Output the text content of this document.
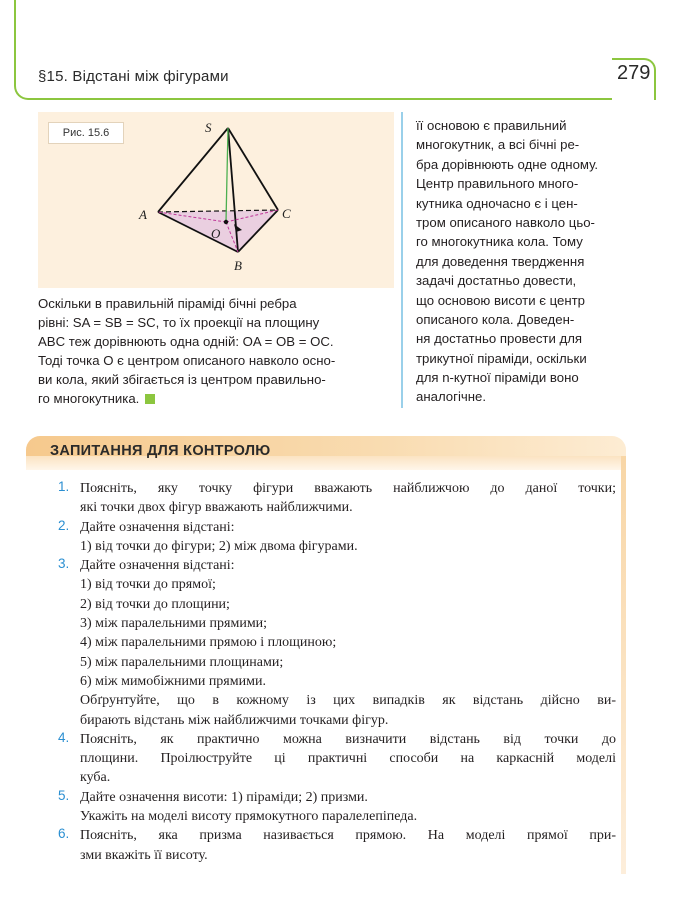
§15. Відстані між фігурами	279
S
A	C
B
O
Рис. 15.6
Оскільки в правильній піраміді бічні ребра
рівні: SA = SB = SC, то їх проекції на площину
ABC теж дорівнюють одна одній: OA = OB = OC.
Тоді точка O є центром описаного навколо осно-
ви кола, який збігається із центром правильно-
го многокутника.
її основою є правильний
многокутник, а всі бічні ре-
бра дорівнюють одне одному.
Центр правильного много-
кутника одночасно є і цен-
тром описаного навколо цьо-
го многокутника кола. Тому
для доведення твердження
задачі достатньо довести,
що основою висоти є центр
описаного кола. Доведен-
ня достатньо провести для
трикутної піраміди, оскільки
для n-кутної піраміди воно
аналогічне.
ЗАПИТАННЯ ДЛЯ КОНТРОЛЮ
1. Поясніть, яку точку фігури вважають найближчою до даної точки;
які точки двох фігур вважають найближчими.
2. Дайте означення відстані:
1) від точки до фігури; 2) між двома фігурами.
3. Дайте означення відстані:
1) від точки до прямої;
2) від точки до площини;
3) між паралельними прямими;
4) між паралельними прямою і площиною;
5) між паралельними площинами;
6) між мимобіжними прямими.
Обґрунтуйте, що в кожному із цих випадків як відстань дійсно ви-
бирають відстань між найближчими точками фігур.
4. Поясніть, як практично можна визначити відстань від точки до
площини. Проілюструйте ці практичні способи на каркасній моделі
куба.
5. Дайте означення висоти: 1) піраміди; 2) призми.
Укажіть на моделі висоту прямокутного паралелепіпеда.
6. Поясніть, яка призма називається прямою. На моделі прямої при-
зми вкажіть її висоту.
